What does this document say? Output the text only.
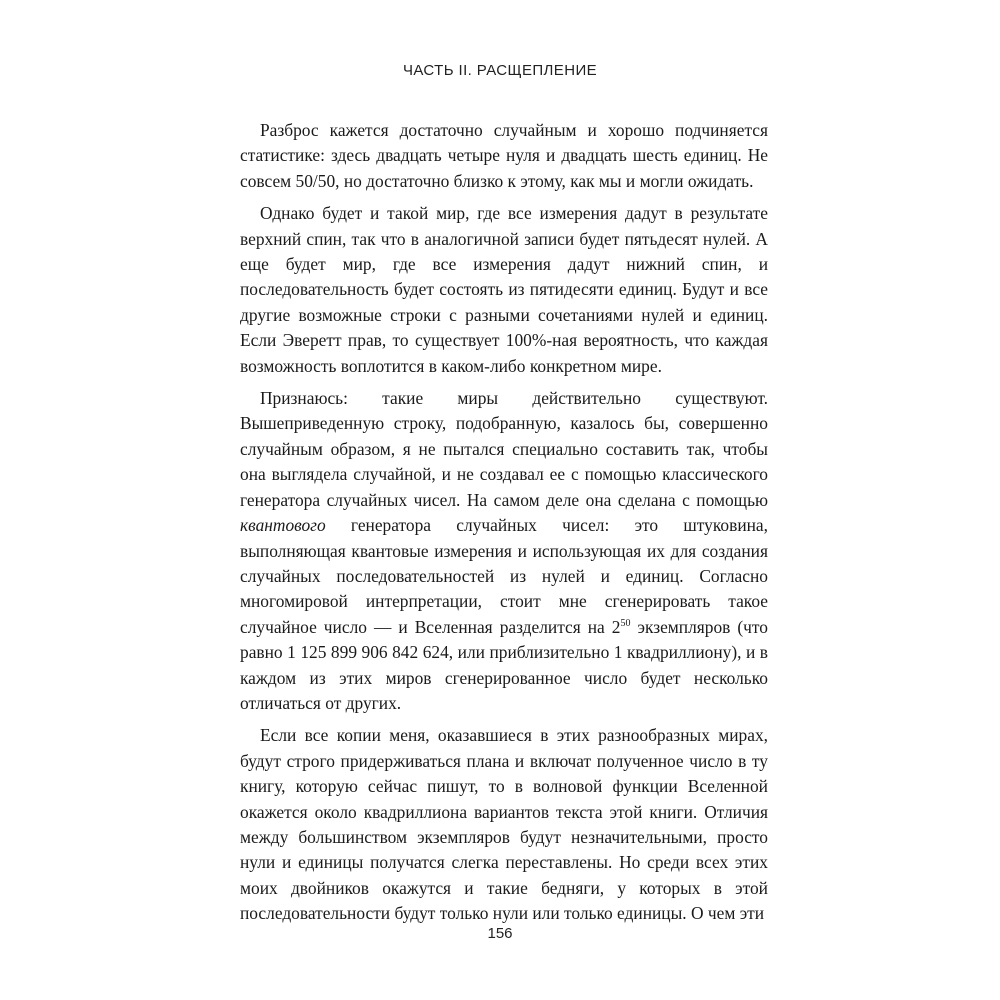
ЧАСТЬ II. РАСЩЕПЛЕНИЕ

Разброс кажется достаточно случайным и хорошо подчиняется статистике: здесь двадцать четыре нуля и двадцать шесть единиц. Не совсем 50/50, но достаточно близко к этому, как мы и могли ожидать.

Однако будет и такой мир, где все измерения дадут в результате верхний спин, так что в аналогичной записи будет пятьдесят нулей. А еще будет мир, где все измерения дадут нижний спин, и последовательность будет состоять из пятидесяти единиц. Будут и все другие возможные строки с разными сочетаниями нулей и единиц. Если Эверетт прав, то существует 100%-ная вероятность, что каждая возможность воплотится в каком-либо конкретном мире.

Признаюсь: такие миры действительно существуют. Вышеприведенную строку, подобранную, казалось бы, совершенно случайным образом, я не пытался специально составить так, чтобы она выглядела случайной, и не создавал ее с помощью классического генератора случайных чисел. На самом деле она сделана с помощью квантового генератора случайных чисел: это штуковина, выполняющая квантовые измерения и использующая их для создания случайных последовательностей из нулей и единиц. Согласно многомировой интерпретации, стоит мне сгенерировать такое случайное число — и Вселенная разделится на $2^{50}$ экземпляров (что равно 1 125 899 906 842 624, или приблизительно 1 квадриллиону), и в каждом из этих миров сгенерированное число будет несколько отличаться от других.

Если все копии меня, оказавшиеся в этих разнообразных мирах, будут строго придерживаться плана и включат полученное число в ту книгу, которую сейчас пишут, то в волновой функции Вселенной окажется около квадриллиона вариантов текста этой книги. Отличия между большинством экземпляров будут незначительными, просто нули и единицы получатся слегка переставлены. Но среди всех этих моих двойников окажутся и такие бедняги, у которых в этой последовательности будут только нули или только единицы. О чем эти

156
